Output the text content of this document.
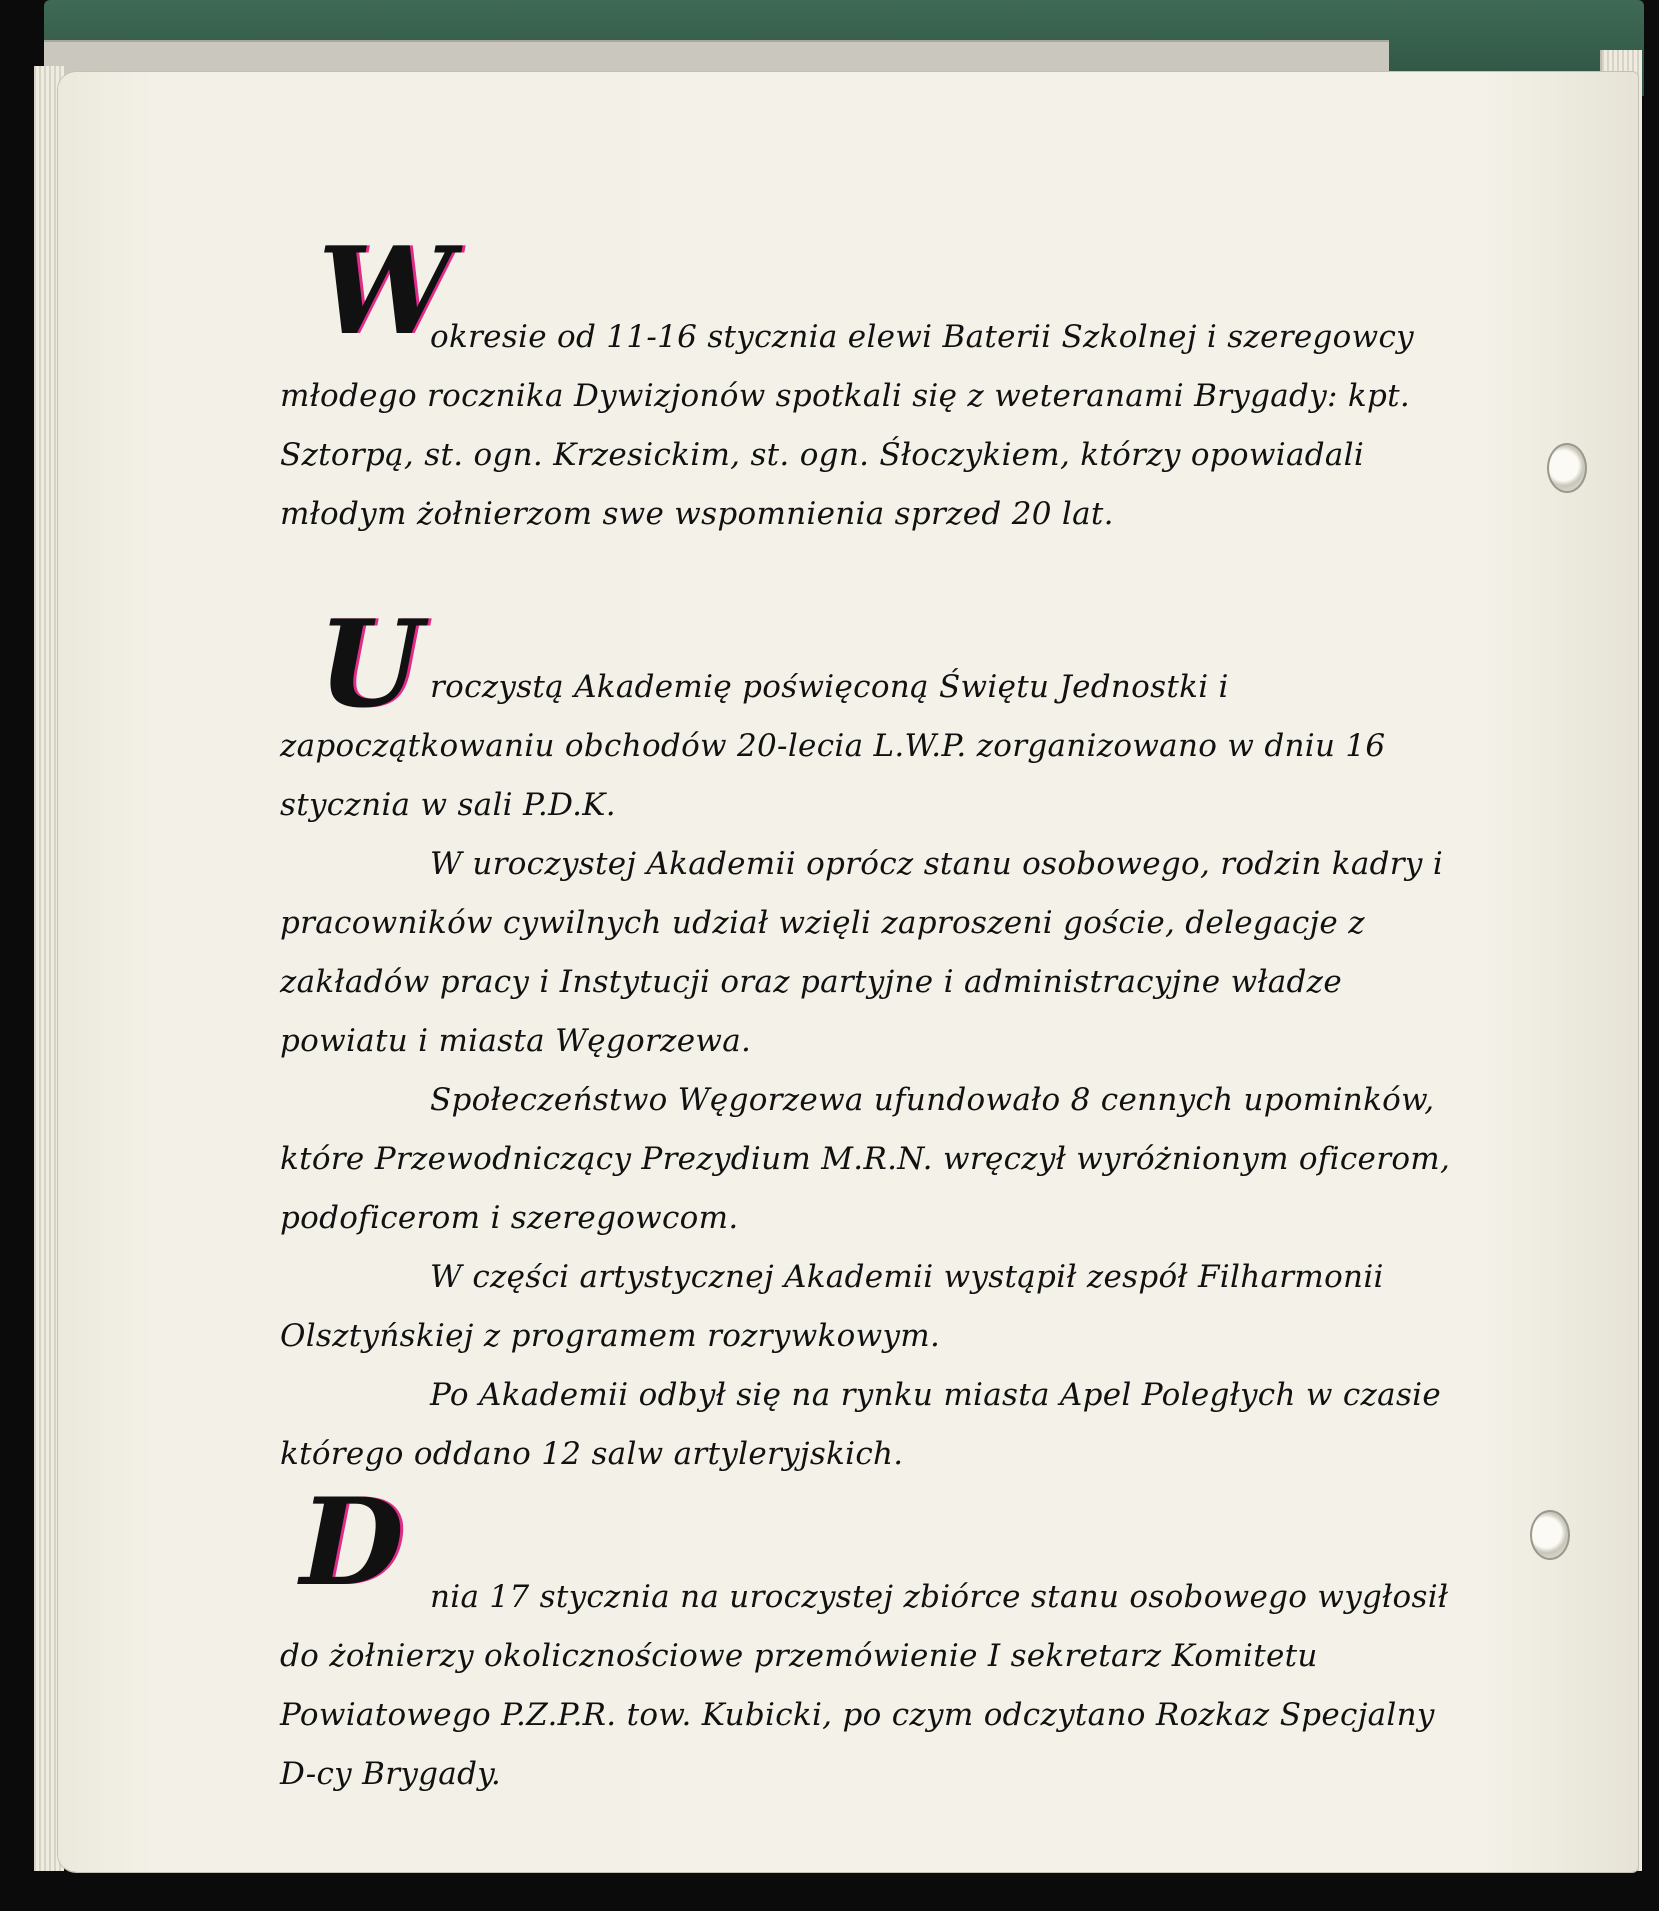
W

okresie od 11-16 stycznia elewi Baterii Szkolnej i szeregowcy młodego rocznika Dywizjonów spotkali się z weteranami Brygady: kpt. Sztorpą, st. ogn. Krzesickim, st. ogn. Śłoczykiem, którzy opowiadali młodym żołnierzom swe wspomnienia sprzed 20 lat.

U roczystą Akademię poświęconą Świętu Jednostki i zapoczątkowaniu obchodów 20-lecia L.W.P. zorganizowano w dniu 16 stycznia w sali P.D.K.

W uroczystej Akademii oprócz stanu osobowego, rodzin kadry i pracowników cywilnych udział wzięli zaproszeni goście, delegacje z zakładów pracy i Instytucji oraz partyjne i administracyjne władze powiatu i miasta Węgorzewa.

Społeczeństwo Węgorzewa ufundowało 8 cennych upominków, które Przewodniczący Prezydium M.R.N. wręczył wyróżnionym oficerom, podoficerom i szeregowcom.

W części artystycznej Akademii wystąpił zespół Filharmonii Olsztyńskiej z programem rozrywkowym.

Po Akademii odbył się na rynku miasta Apel Poległych w czasie którego oddano 12 salw artyleryjskich.

D nia 17 stycznia na uroczystej zbiórce stanu osobowego wygłosił do żołnierzy okolicznościowe przemówienie I sekretarz Komitetu Powiatowego P.Z.P.R. tow. Kubicki, po czym odczytano Rozkaz Specjalny D-cy Brygady.
